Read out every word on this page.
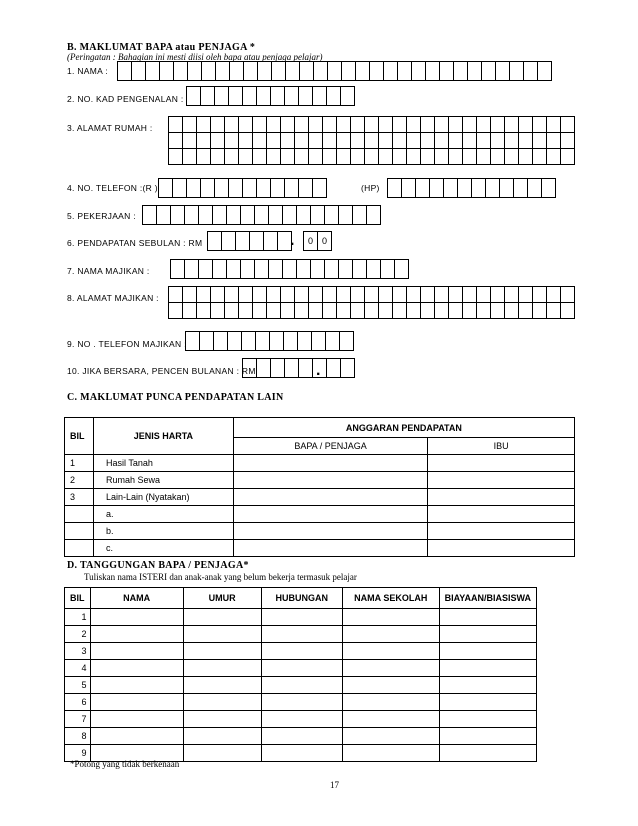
B. MAKLUMAT BAPA atau PENJAGA *
(Peringatan : Bahagian ini mesti diisi oleh bapa atau penjaga pelajar)
1. NAMA :
2. NO. KAD PENGENALAN :
3. ALAMAT RUMAH :

4. NO. TELEFON :(R )	(HP)
5. PEKERJAAN :
6. PENDAPATAN SEBULAN : RM	.	0 0
7. NAMA MAJIKAN :
8. ALAMAT MAJIKAN :

9. NO . TELEFON MAJIKAN :
10. JIKA BERSARA, PENCEN BULANAN : RM	.
C. MAKLUMAT PUNCA PENDAPATAN LAIN
BIL	JENIS HARTA	ANGGARAN PENDAPATAN	
		BAPA / PENJAGA	IBU
1	Hasil Tanah		
2	Rumah Sewa		
3	Lain-Lain (Nyatakan)		
	a.		
	b.		
	c.		
D. TANGGUNGAN BAPA / PENJAGA*
Tuliskan nama ISTERI dan anak-anak yang belum bekerja termasuk pelajar
BIL	NAMA	UMUR	HUBUNGAN	NAMA SEKOLAH	BIAYAAN/BIASISWA
1					
2					
3					
4					
5					
6					
7					
8					
9					
*Potong yang tidak berkenaan
17
